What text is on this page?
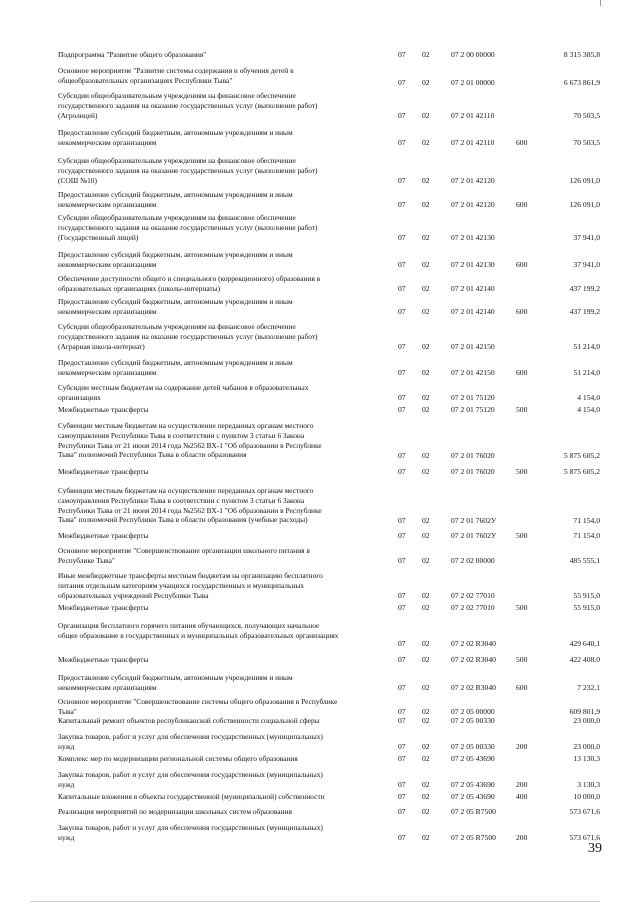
Подпрограмма "Развитие общего образования"	07 02	07 2 00 00000	8 315 385,8
Основное мероприятие "Развитие системы содержания и обучения детей в
общеобразовательных организациях Республики Тыва"	07 02	07 2 01 00000	6 673 861,9
Субсидии общеобразовательным учреждениям на финансовое обеспечение
государственного задания на оказание государственных услуг (выполнение работ)
(Агролицей)	07 02	07 2 01 42110	70 503,5
Предоставление субсидий бюджетным, автономным учреждениям и иным
некоммерческим организациям	07 02	07 2 01 42110	600	70 503,5
Субсидии общеобразовательным учреждениям на финансовое обеспечение
государственного задания на оказание государственных услуг (выполнение работ)
(СОШ №10)	07 02	07 2 01 42120	126 091,0
Предоставление субсидий бюджетным, автономным учреждениям и иным
некоммерческим организациям	07 02	07 2 01 42120	600	126 091,0
Субсидии общеобразовательным учреждениям на финансовое обеспечение
государственного задания на оказание государственных услуг (выполнение работ)
(Государственный лицей)	07 02	07 2 01 42130	37 941,0
Предоставление субсидий бюджетным, автономным учреждениям и иным
некоммерческим организациям	07 02	07 2 01 42130	600	37 941,0
Обеспечение доступности общего и специального (коррекционного) образования в
образовательных организациях (школы-интернаты)	07 02	07 2 01 42140	437 199,2
Предоставление субсидий бюджетным, автономным учреждениям и иным
некоммерческим организациям	07 02	07 2 01 42140	600	437 199,2
Субсидии общеобразовательным учреждениям на финансовое обеспечение
государственного задания на оказание государственных услуг (выполнение работ)
(Аграрная школа-интернат)	07 02	07 2 01 42150	51 214,0
Предоставление субсидий бюджетным, автономным учреждениям и иным
некоммерческим организациям	07 02	07 2 01 42150	600	51 214,0
Субсидии местным бюджетам на содержание детей чабанов в образовательных
организациях	07 02	07 2 01 75120	4 154,0
Межбюджетные трансферты	07 02	07 2 01 75120	500	4 154,0
Субвенции местным бюджетам на осуществление переданных органам местного
самоуправления Республики Тыва в соответствии с пунктом 3 статьи 6 Закона
Республики Тыва от 21 июня 2014 года №2562 ВХ-1 "Об образовании в Республике
Тыва" полномочий Республики Тыва в области образования	07 02	07 2 01 76020	5 875 605,2
Межбюджетные трансферты	07 02	07 2 01 76020	500	5 875 605,2
Субвенции местным бюджетам на осуществление переданных органам местного
самоуправления Республики Тыва в соответствии с пунктом 3 статьи 6 Закона
Республики Тыва от 21 июня 2014 года №2562 ВХ-1 "Об образовании в Республике
Тыва" полномочий Республики Тыва в области образования (учебные расходы)	07 02	07 2 01 7602У	71 154,0
Межбюджетные трансферты	07 02	07 2 01 7602У	500	71 154,0
Основное мероприятие "Совершенствование организации школьного питания в
Республике Тыва"	07 02	07 2 02 00000	485 555,1
Иные межбюджетные трансферты местным бюджетам на организацию бесплатного
питания отдельным категориям учащихся государственных и муниципальных
образовательных учреждений Республики Тыва	07 02	07 2 02 77010	55 915,0
Межбюджетные трансферты	07 02	07 2 02 77010	500	55 915,0
Организация бесплатного горячего питания обучающихся, получающих начальное
общее образование в государственных и муниципальных образовательных организациях
07 02	07 2 02 R3040	429 640,1
Межбюджетные трансферты	07 02	07 2 02 R3040	500	422 408,0
Предоставление субсидий бюджетным, автономным учреждениям и иным
некоммерческим организациям	07 02	07 2 02 R3040	600	7 232,1
Основное мероприятие "Совершенствование системы общего образования в Республике
Тыва"	07 02	07 2 05 00000	609 801,9
Капитальный ремонт объектов республиканской собственности социальной сферы	07 02	07 2 05 00330	23 000,0
Закупка товаров, работ и услуг для обеспечения государственных (муниципальных)
нужд	07 02	07 2 05 00330	200	23 000,0
Комплекс мер по модернизации региональной системы общего образования	07 02	07 2 05 43690	13 130,3
Закупка товаров, работ и услуг для обеспечения государственных (муниципальных)
нужд	07 02	07 2 05 43690	200	3 130,3
Капитальные вложения в объекты государственной (муниципальной) собственности	07 02	07 2 05 43690	400	10 000,0
Реализация мероприятий по модернизации школьных систем образования	07 02	07 2 05 R7500	573 671,6
Закупка товаров, работ и услуг для обеспечения государственных (муниципальных)
нужд	07 02	07 2 05 R7500	200	573 671,6
39
